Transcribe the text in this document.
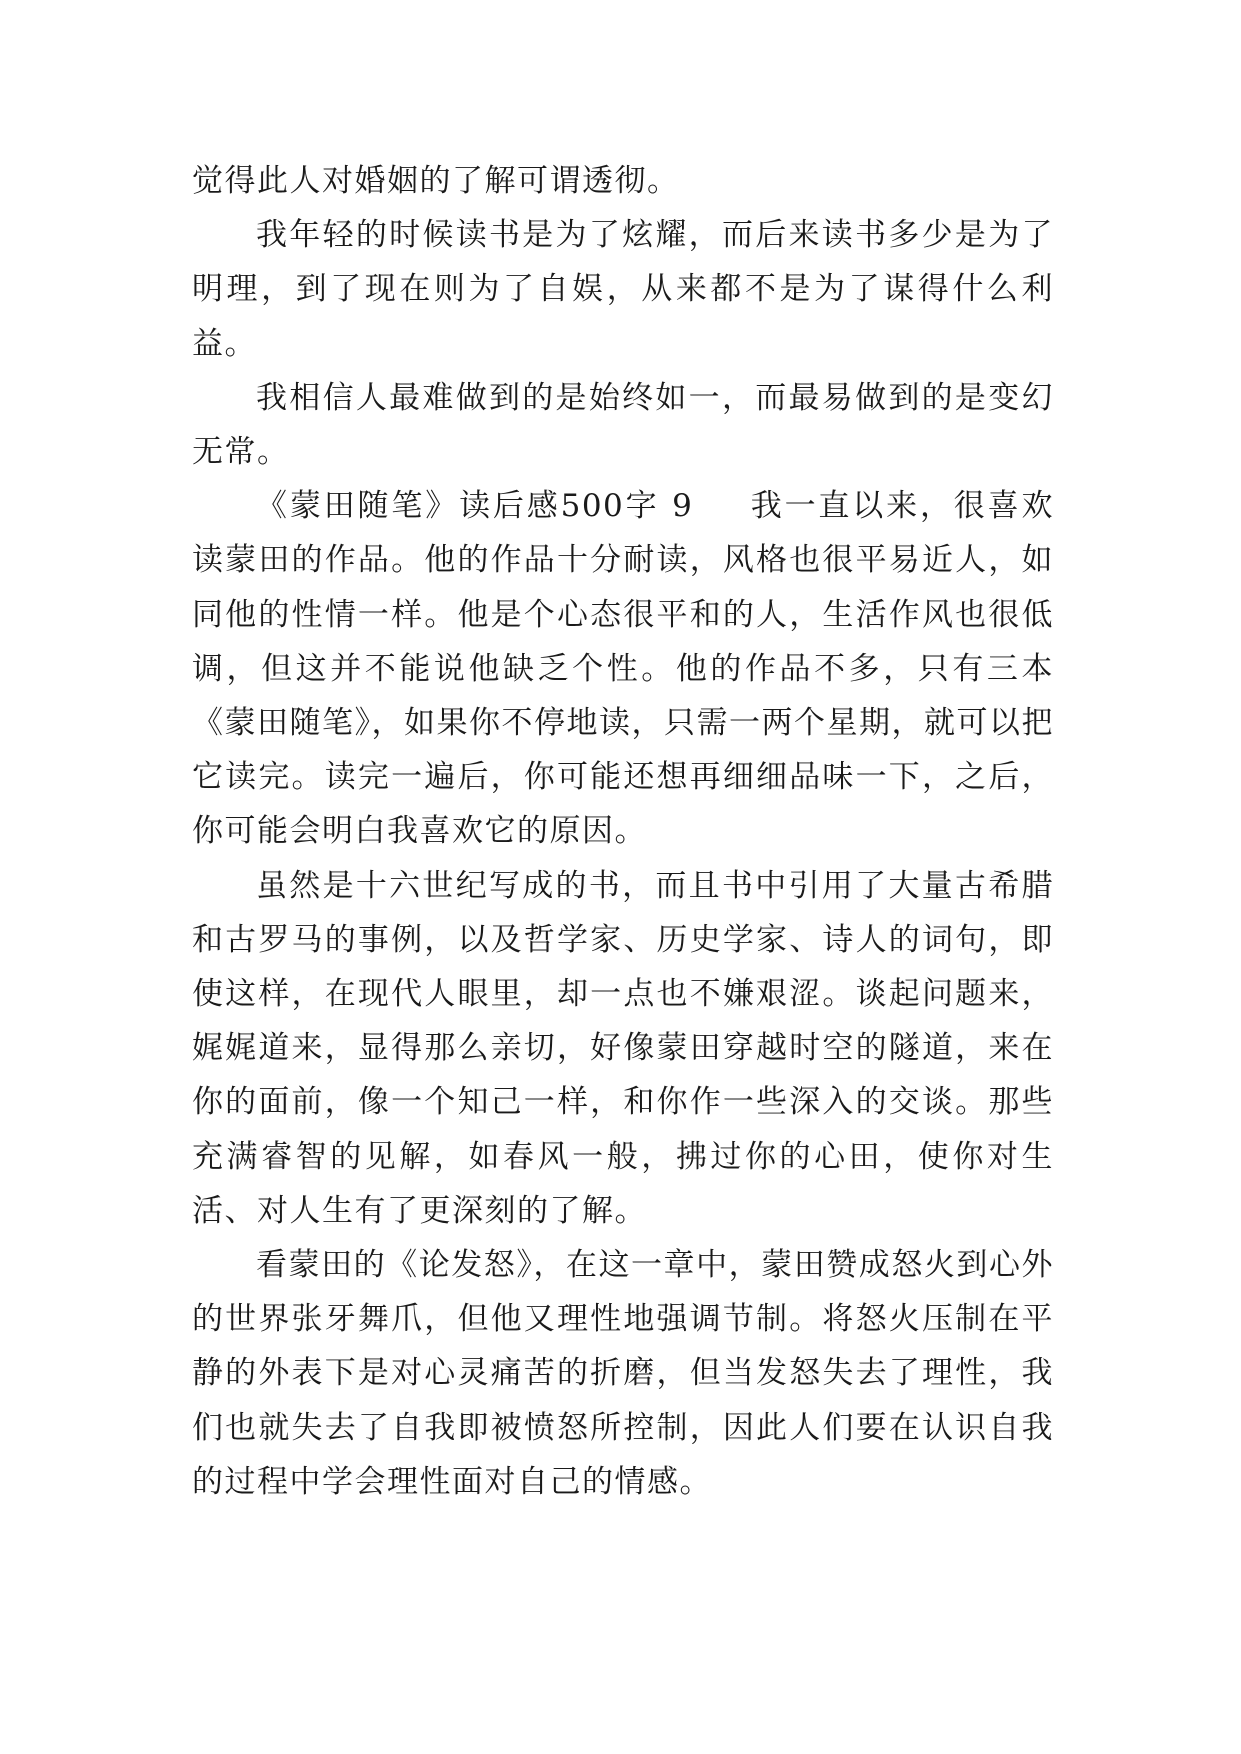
觉得此人对婚姻的了解可谓透彻。

我年轻的时候读书是为了炫耀，而后来读书多少是为了明理，到了现在则为了自娱，从来都不是为了谋得什么利益。

我相信人最难做到的是始终如一，而最易做到的是变幻无常。

《蒙田随笔》读后感500字 9 我一直以来，很喜欢读蒙田的作品。他的作品十分耐读，风格也很平易近人，如同他的性情一样。他是个心态很平和的人，生活作风也很低调，但这并不能说他缺乏个性。他的作品不多，只有三本《蒙田随笔》，如果你不停地读，只需一两个星期，就可以把它读完。读完一遍后，你可能还想再细细品味一下，之后，你可能会明白我喜欢它的原因。

虽然是十六世纪写成的书，而且书中引用了大量古希腊和古罗马的事例，以及哲学家、历史学家、诗人的词句，即使这样，在现代人眼里，却一点也不嫌艰涩。谈起问题来，娓娓道来，显得那么亲切，好像蒙田穿越时空的隧道，来在你的面前，像一个知己一样，和你作一些深入的交谈。那些充满睿智的见解，如春风一般，拂过你的心田，使你对生活、对人生有了更深刻的了解。

看蒙田的《论发怒》，在这一章中，蒙田赞成怒火到心外的世界张牙舞爪，但他又理性地强调节制。将怒火压制在平静的外表下是对心灵痛苦的折磨，但当发怒失去了理性，我们也就失去了自我即被愤怒所控制，因此人们要在认识自我的过程中学会理性面对自己的情感。
